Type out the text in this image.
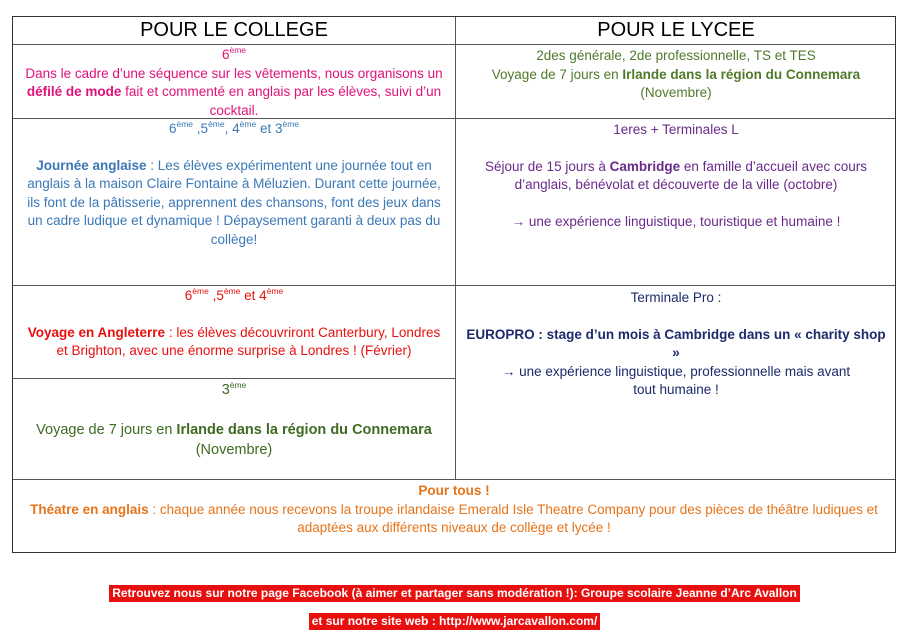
POUR LE COLLEGE	POUR LE LYCEE
6ème
Dans le cadre d’une séquence sur les vêtements, nous organisons un défilé de mode fait et commenté en anglais par les élèves, suivi d’un cocktail.
2des générale, 2de professionnelle, TS et TES
Voyage de 7 jours en Irlande dans la région du Connemara
(Novembre)
6ème ,5ème, 4ème et 3ème
Journée anglaise : Les élèves expérimentent une journée tout en anglais à la maison Claire Fontaine à Méluzien. Durant cette journée, ils font de la pâtisserie, apprennent des chansons, font des jeux dans un cadre ludique et dynamique ! Dépaysement garanti à deux pas du collège!
1eres + Terminales L
Séjour de 15 jours à Cambridge en famille d’accueil avec cours d’anglais, bénévolat et découverte de la ville (octobre)
→ une expérience linguistique, touristique et humaine !
6ème ,5ème et 4ème
Voyage en Angleterre : les élèves découvriront Canterbury, Londres et Brighton, avec une énorme surprise à Londres ! (Février)
Terminale Pro :
EUROPRO : stage d’un mois à Cambridge dans un « charity shop »
→ une expérience linguistique, professionnelle mais avant tout humaine !
3ème
Voyage de 7 jours en Irlande dans la région du Connemara
(Novembre)
Pour tous !
Théatre en anglais : chaque année nous recevons la troupe irlandaise Emerald Isle Theatre Company pour des pièces de théâtre ludiques et adaptées aux différents niveaux de collège et lycée !
Retrouvez nous sur notre page Facebook (à aimer et partager sans modération !): Groupe scolaire Jeanne d’Arc Avallon
et sur notre site web : http://www.jarcavallon.com/
